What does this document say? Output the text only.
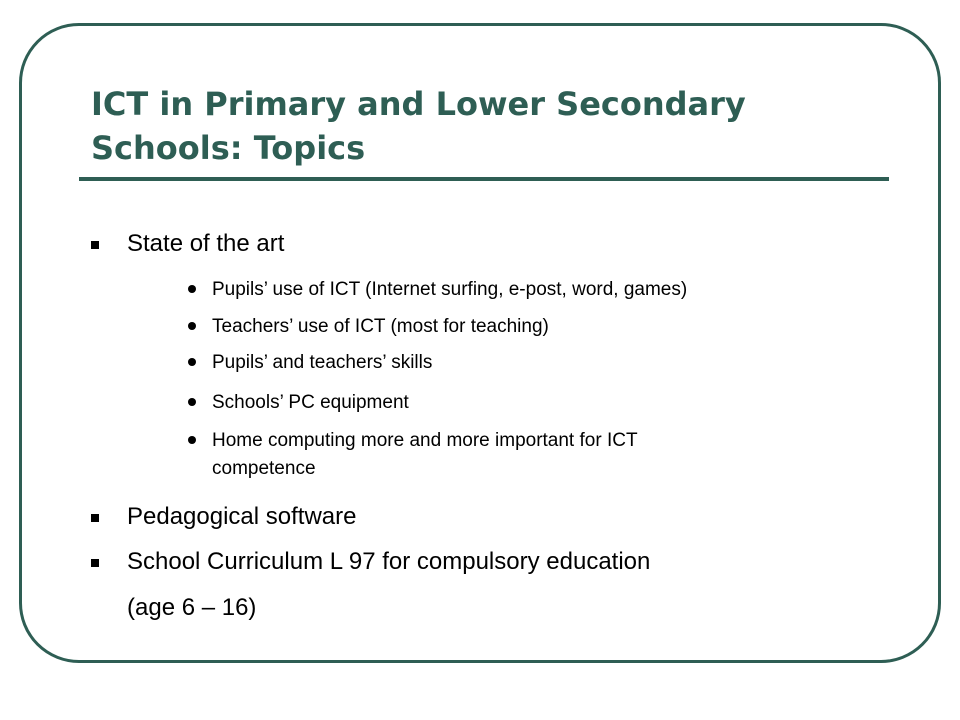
ICT in Primary and Lower Secondary
Schools: Topics
State of the art
Pupils’ use of ICT (Internet surfing, e-post, word, games)
Teachers’ use of ICT (most for teaching)
Pupils’ and teachers’ skills
Schools’ PC equipment
Home computing more and more important for ICT
competence
Pedagogical software
School Curriculum L 97 for compulsory education
(age 6 – 16)
